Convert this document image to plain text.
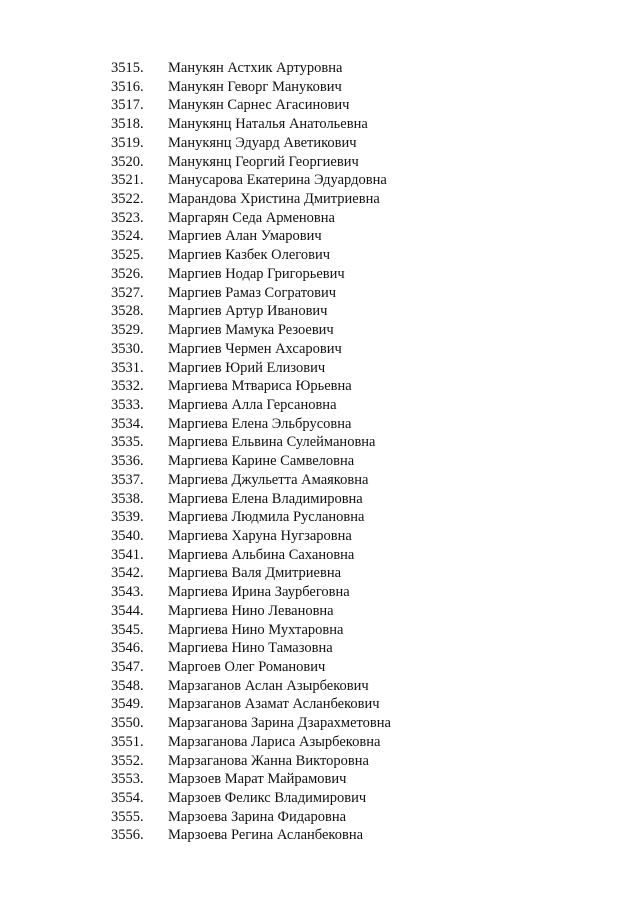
3515. Манукян Астхик Артуровна
3516. Манукян Геворг Манукович
3517. Манукян Сарнес Агасинович
3518. Манукянц Наталья Анатольевна
3519. Манукянц Эдуард Аветикович
3520. Манукянц Георгий Георгиевич
3521. Манусарова Екатерина Эдуардовна
3522. Марандова Христина Дмитриевна
3523. Маргарян Седа Арменовна
3524. Маргиев Алан Умарович
3525. Маргиев Казбек Олегович
3526. Маргиев Нодар Григорьевич
3527. Маргиев Рамаз Согратович
3528. Маргиев Артур Иванович
3529. Маргиев Мамука Резоевич
3530. Маргиев Чермен Ахсарович
3531. Маргиев Юрий Елизович
3532. Маргиева Мтвариса Юрьевна
3533. Маргиева Алла Герсановна
3534. Маргиева Елена Эльбрусовна
3535. Маргиева Ельвина Сулеймановна
3536. Маргиева Карине Самвеловна
3537. Маргиева Джульетта Амаяковна
3538. Маргиева Елена Владимировна
3539. Маргиева Людмила Руслановна
3540. Маргиева Харуна Нугзаровна
3541. Маргиева Альбина Сахановна
3542. Маргиева Валя Дмитриевна
3543. Маргиева Ирина Заурбеговна
3544. Маргиева Нино Левановна
3545. Маргиева Нино Мухтаровна
3546. Маргиева Нино Тамазовна
3547. Маргоев Олег Романович
3548. Марзаганов Аслан Азырбекович
3549. Марзаганов Азамат Асланбекович
3550. Марзаганова Зарина Дзарахметовна
3551. Марзаганова Лариса Азырбековна
3552. Марзаганова Жанна Викторовна
3553. Марзоев Марат Майрамович
3554. Марзоев Феликс Владимирович
3555. Марзоева Зарина Фидаровна
3556. Марзоева Регина Асланбековна
